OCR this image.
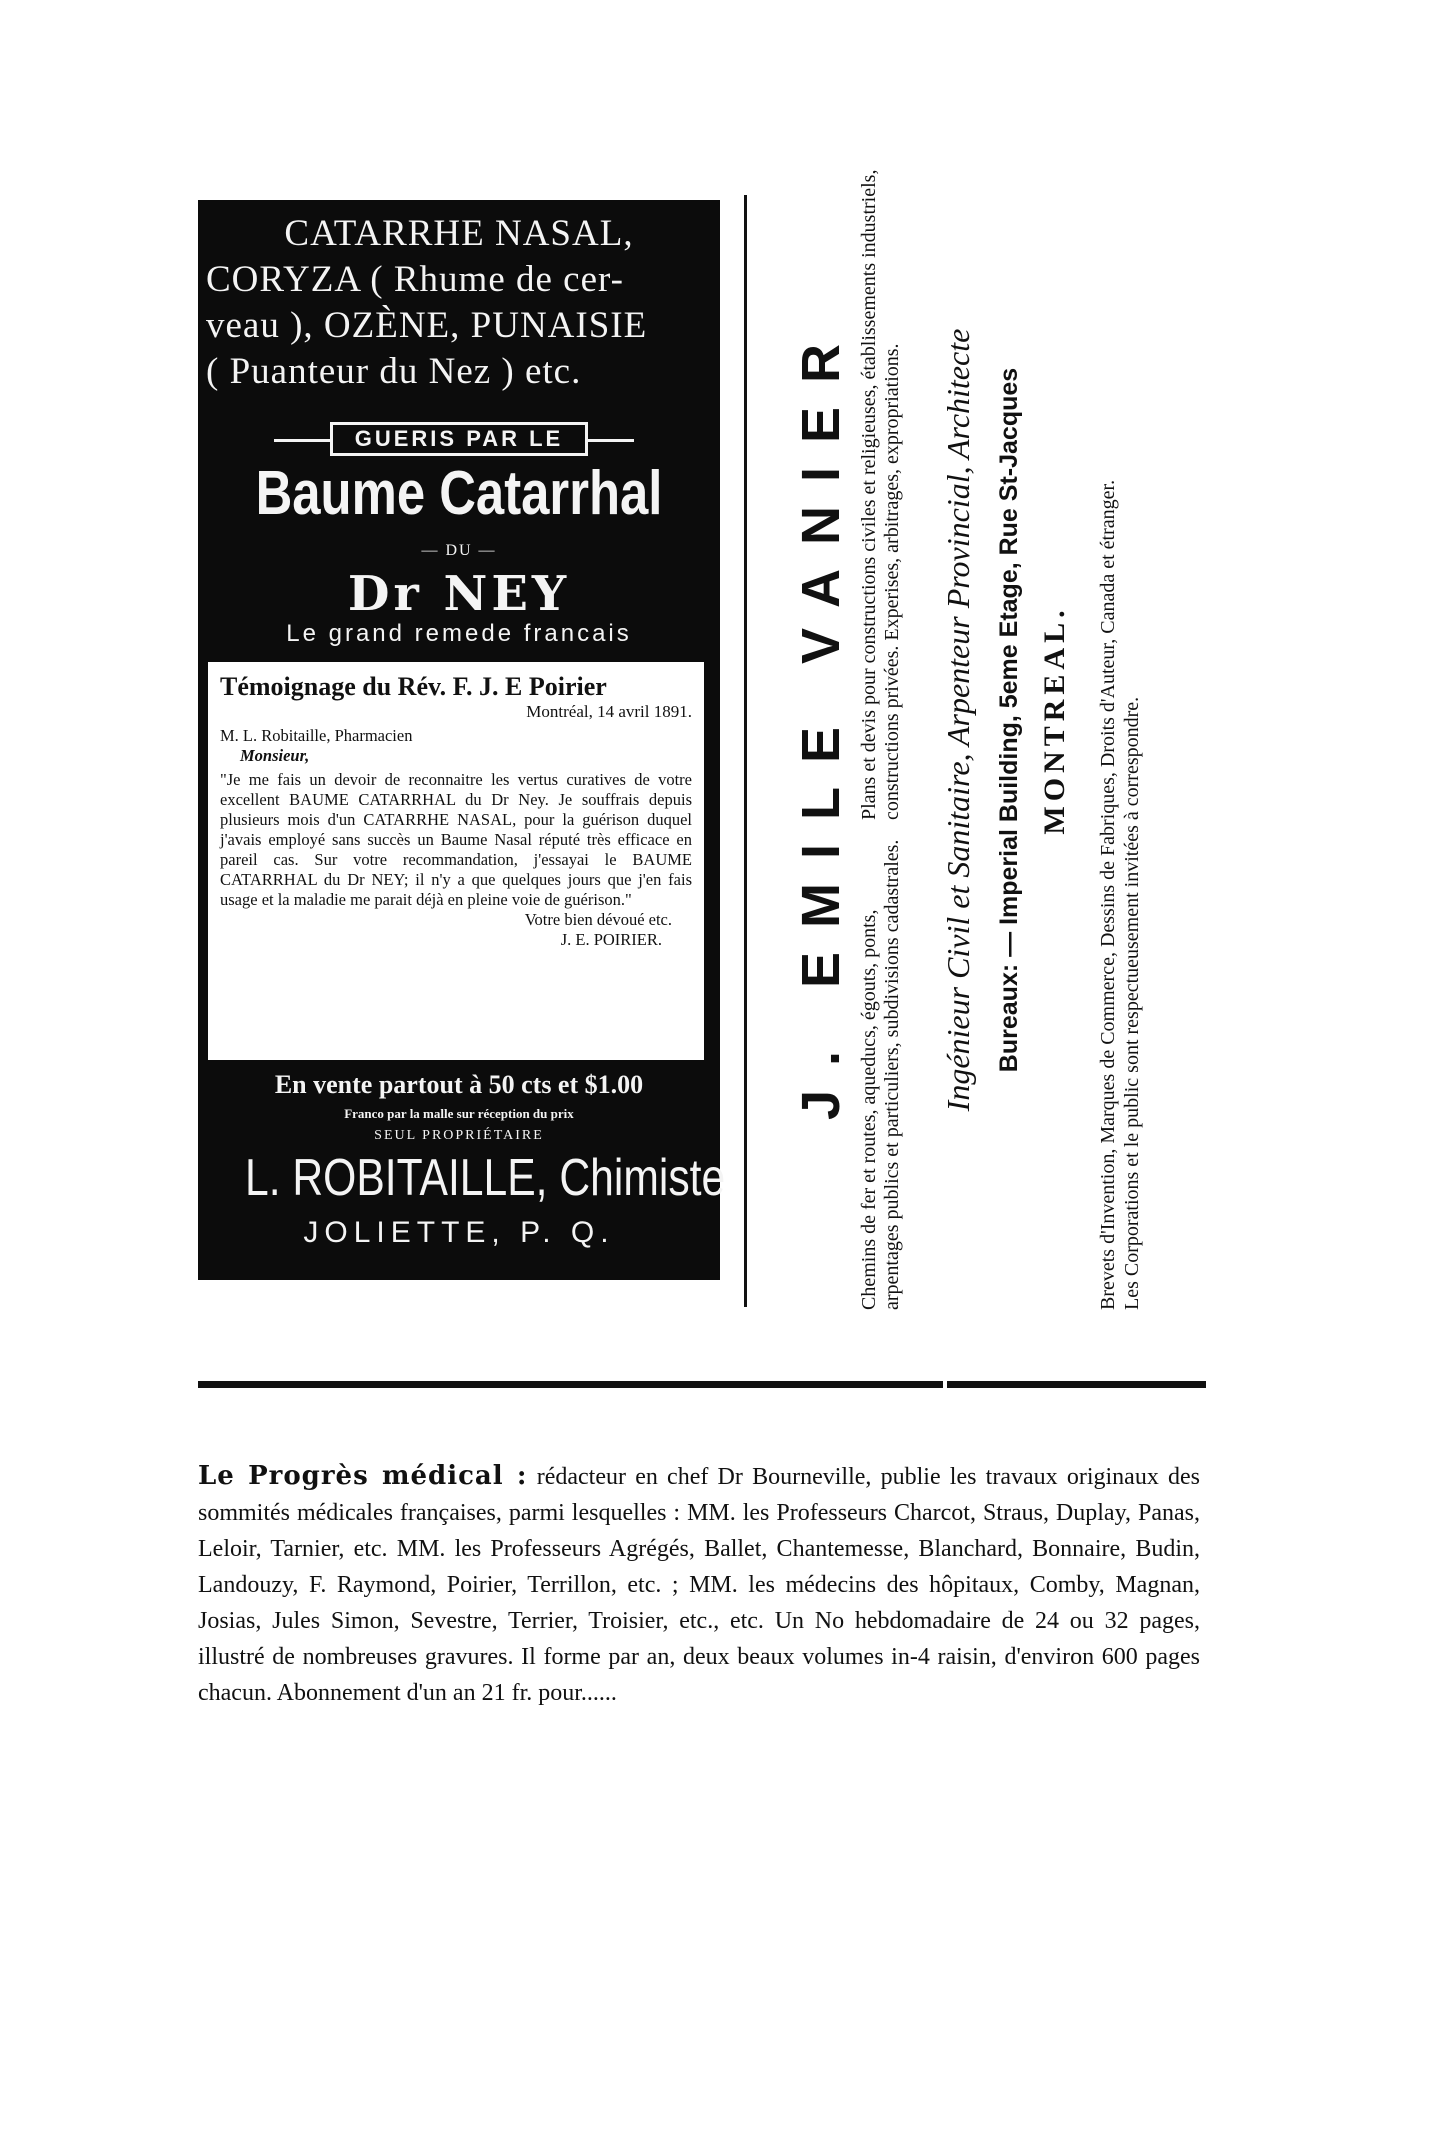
CATARRHE NASAL,
CORYZA ( Rhume de cer-
veau ), OZÈNE, PUNAISIE
( Puanteur du Nez ) etc.
GUERIS PAR LE
Baume Catarrhal
— DU —
Dr NEY
Le grand remede francais
Témoignage du Rév. F. J. E Poirier
Montréal, 14 avril 1891.
M. L. Robitaille, Pharmacien
Monsieur,
"Je me fais un devoir de reconnaitre les vertus curatives de votre excellent BAUME CATARRHAL du Dr Ney. Je souffrais depuis plusieurs mois d'un CATARRHE NASAL, pour la guérison duquel j'avais employé sans succès un Baume Nasal réputé très efficace en pareil cas. Sur votre recommandation, j'essayai le BAUME CATARRHAL du Dr NEY; il n'y a que quelques jours que j'en fais usage et la maladie me parait déjà en pleine voie de guérison."
Votre bien dévoué etc.
J. E. POIRIER.
En vente partout à 50 cts et $1.00
Franco par la malle sur réception du prix
SEUL PROPRIÉTAIRE
L. ROBITAILLE, Chimiste
JOLIETTE, P. Q.
J. EMILE VANIER Chemins de fer et routes, aqueducs, égouts, ponts, arpentages publics et particuliers, subdivisions cadastrales.
Plans et devis pour constructions civiles et religieuses, établissements industriels, constructions privées. Experises, arbitrages, expropriations. Ingénieur Civil et Sanitaire, Arpenteur Provincial, Architecte Bureaux: — Imperial Building, 5eme Etage, Rue St-Jacques MONTREAL. Brevets d'Invention, Marques de Commerce, Dessins de Fabriques, Droits d'Auteur, Canada et étranger. Les Corporations et le public sont respectueusement invitées à correspondre.
Le Progrès médical : rédacteur en chef Dr Bourneville, publie les travaux originaux des sommités médicales françaises, parmi lesquelles : MM. les Professeurs Charcot, Straus, Duplay, Panas, Leloir, Tarnier, etc. MM. les Professeurs Agrégés, Ballet, Chantemesse, Blanchard, Bonnaire, Budin, Landouzy, F. Raymond, Poirier, Terrillon, etc. ; MM. les médecins des hôpitaux, Comby, Magnan, Josias, Jules Simon, Sevestre, Terrier, Troisier, etc., etc. Un No hebdomadaire de 24 ou 32 pages, illustré de nombreuses gravures. Il forme par an, deux beaux volumes in-4 raisin, d'environ 600 pages chacun. Abonnement d'un an 21 fr. pour......
